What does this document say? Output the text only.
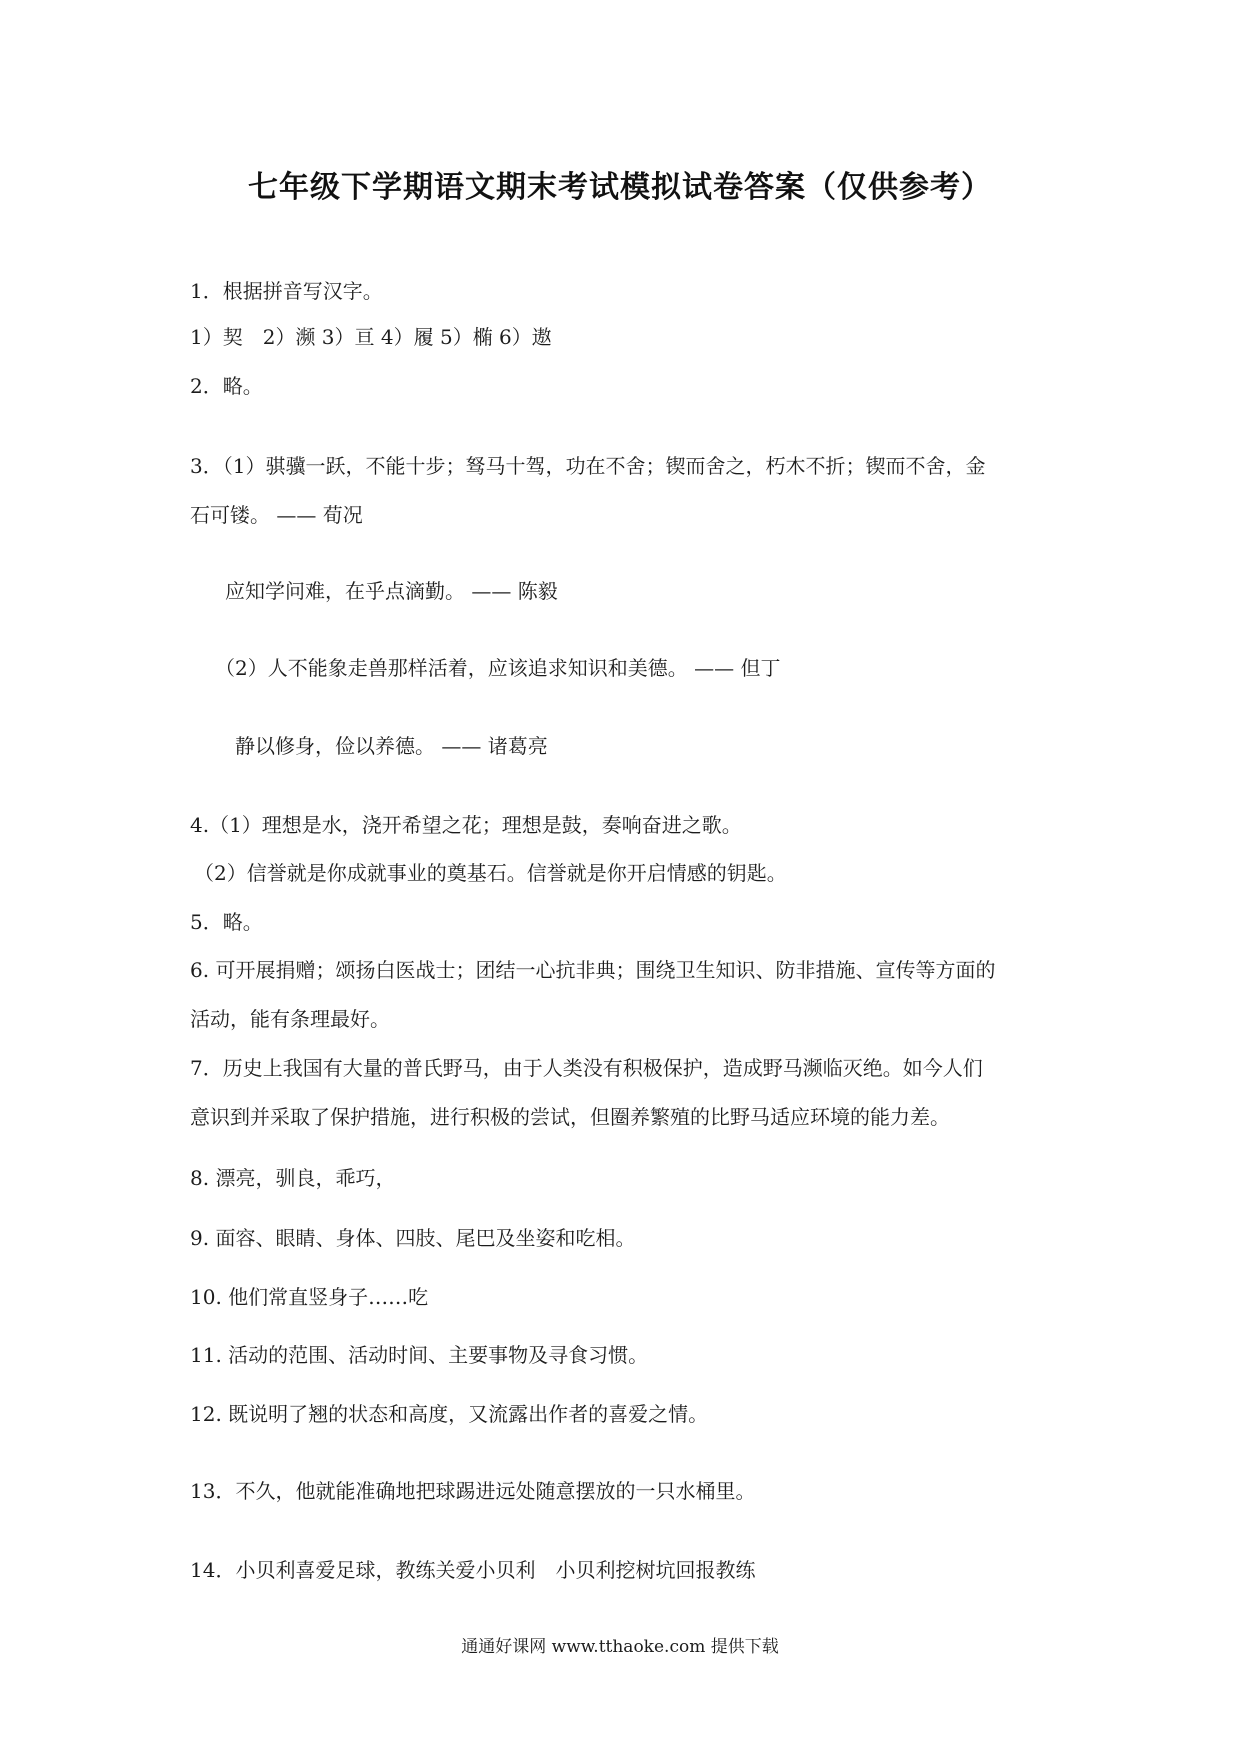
七年级下学期语文期末考试模拟试卷答案（仅供参考）
1．根据拼音写汉字。
1）契　2）濒 3）亘 4）履 5）椭 6）遨
2．略。
3．（1）骐骥一跃，不能十步；驽马十驾，功在不舍；锲而舍之，朽木不折；锲而不舍，金
石可镂。 —— 荀况
应知学问难，在乎点滴勤。 —— 陈毅
（2）人不能象走兽那样活着，应该追求知识和美德。 —— 但丁
静以修身，俭以养德。 —— 诸葛亮
4.（1）理想是水，浇开希望之花；理想是鼓，奏响奋进之歌。
（2）信誉就是你成就事业的奠基石。信誉就是你开启情感的钥匙。
5．略。
6. 可开展捐赠；颂扬白医战士；团结一心抗非典；围绕卫生知识、防非措施、宣传等方面的
活动，能有条理最好。
7．历史上我国有大量的普氏野马，由于人类没有积极保护，造成野马濒临灭绝。如今人们
意识到并采取了保护措施，进行积极的尝试，但圈养繁殖的比野马适应环境的能力差。
8. 漂亮，驯良，乖巧，
9. 面容、眼睛、身体、四肢、尾巴及坐姿和吃相。
10. 他们常直竖身子……吃
11. 活动的范围、活动时间、主要事物及寻食习惯。
12. 既说明了翘的状态和高度，又流露出作者的喜爱之情。
13．不久，他就能准确地把球踢进远处随意摆放的一只水桶里。
14．小贝利喜爱足球，教练关爱小贝利　小贝利挖树坑回报教练
通通好课网 www.tthaoke.com 提供下载
